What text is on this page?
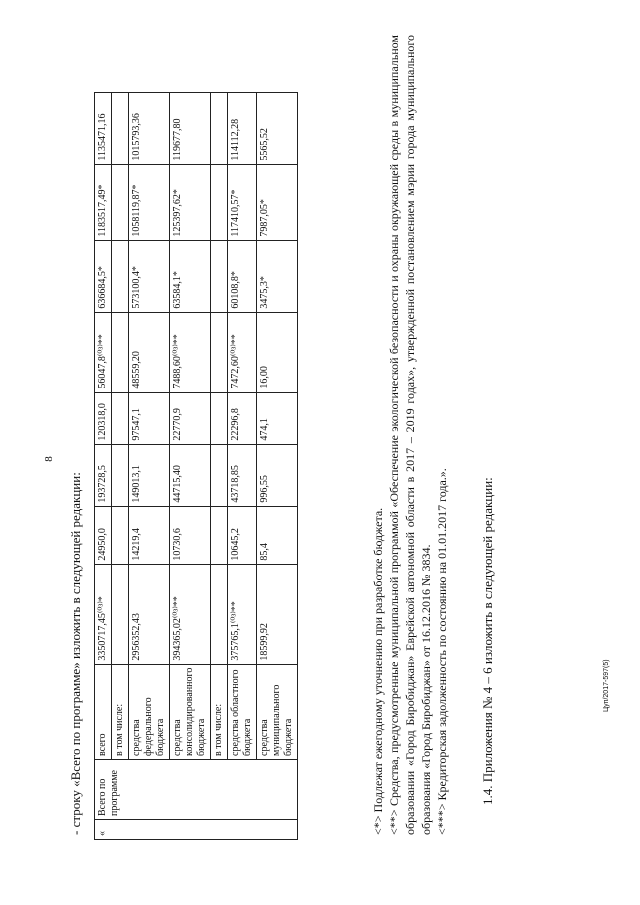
8
Цуп/2017-597(5)
- строку «Всего по программе» изложить в следующей редакции: «	Всего по программе	всего	3350717,45⁽⁰³⁾*	24950,0	193728,5	120318,0	56047,8⁽⁰³⁾**	636684,5*	1183517,49*	1135471,16
		в том числе:								
		средства федерального бюджета	2956352,43	14219,4	149013,1	97547,1	48559,20	573100,4*	1058119,87*	1015793,36
		средства консолидированного бюджета	394365,02⁽⁰³⁾**	10730,6	44715,40	22770,9	7488,60⁽⁰³⁾**	63584,1*	125397,62*	119677,80
		в том числе:								
		средства областного бюджета	375765,1⁽⁰³⁾**	10645,2	43718,85	22296,8	7472,60⁽⁰³⁾**	60108,8*	117410,57*	114112,28
		средства муниципального бюджета	18599,92	85,4	996,55	474,1	16,00	3475,3*	7987,05*	5565,52

<*> Подлежат ежегодному уточнению при разработке бюджета. <**> Средства, предусмотренные муниципальной программой «Обеспечение экологической безопасности и охраны окружающей среды в муниципальном образовании «Город Биробиджан» Еврейской автономной области в 2017 – 2019 годах», утвержденной постановлением мэрии города муниципального образования «Город Биробиджан» от 16.12.2016 № 3834. <***> Кредиторская задолженность по состоянию на 01.01.2017 года.». 1.4. Приложения № 4 – 6 изложить в следующей редакции:
